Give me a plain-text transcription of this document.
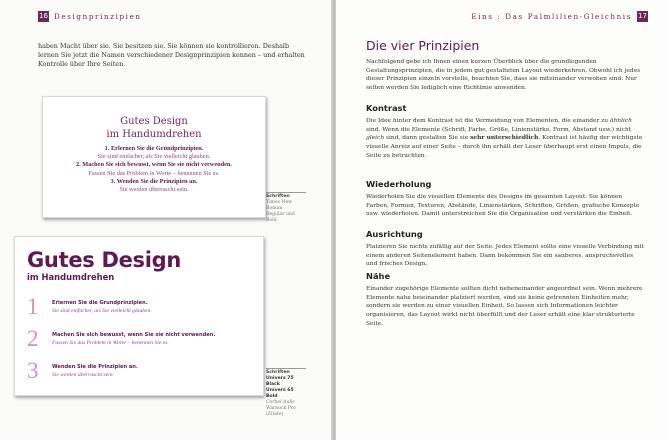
16 Designprinzipien
haben Macht über sie. Sie besitzen sie. Sie können sie kontrollieren. Deshalb lernen Sie jetzt die Namen verschiedener Designprinzipien kennen – und erhalten Kontrolle über Ihre Seiten.
Gutes Design
im Handumdrehen
1. Erlernen Sie die Grundprinzipien.
Sie sind einfacher, als Sie vielleicht glauben.
2. Machen Sie sich bewusst, wenn Sie sie nicht verwenden.
Fassen Sie das Problem in Worte – benennen Sie es.
3. Wenden Sie die Prinzipien an.
Sie werden überrascht sein.
Schriften
Times New Roman
Regular und Bold
Gutes Design
im Handumdrehen
1	Erlernen Sie die Grundprinzipien.
Sie sind einfacher, als Sie vielleicht glauben.
2	Machen Sie sich bewusst, wenn Sie sie nicht verwenden.
Fassen Sie das Problem in Worte – benennen Sie es.
3	Wenden Sie die Prinzipien an.
Sie werden überrascht sein.	Schriften
Univers 75
Black
Univers 65 Bold
Corbel Italic
Warnock Pro (Zitate)
Eins : Das Palmlilien-Gleichnis 17
Die vier Prinzipien
Nachfolgend gebe ich Ihnen einen kurzen Überblick über die grundlegenden Gestaltungsprinzipien, die in jedem gut gestalteten Layout wiederkehren. Obwohl ich jedes dieser Prinzipien einzeln vorstelle, beachten Sie, dass sie miteinander verwoben sind. Nur selten werden Sie lediglich eine Richtlinie anwenden.
Kontrast
Die Idee hinter dem Kontrast ist die Vermeidung von Elementen, die einander zu ähnlich sind. Wenn die Elemente (Schrift, Farbe, Größe, Linienstärke, Form, Abstand usw.) nicht gleich sind, dann gestalten Sie sie sehr unterschiedlich. Kontrast ist häufig der wichtigste visuelle Anreiz auf einer Seite – durch ihn erhält der Leser überhaupt erst einen Impuls, die Seite zu betrachten.
Wiederholung
Wiederholen Sie die visuellen Elemente des Designs im gesamten Layout. Sie können Farben, Formen, Texturen, Abstände, Linienstärken, Schriften, Größen, grafische Konzepte usw. wiederholen. Damit unterstreichen Sie die Organisation und verstärken die Einheit.
Ausrichtung
Platzieren Sie nichts zufällig auf der Seite. Jedes Element sollte eine visuelle Verbindung mit einem anderen Seitenelement haben. Dann bekommen Sie ein sauberes, anspruchsvolles und frisches Design.
Nähe
Einander zugehörige Elemente sollten dicht nebeneinander angeordnet sein. Wenn mehrere Elemente nahe beieinander platziert werden, sind sie keine getrennten Einheiten mehr, sondern sie werden zu einer visuellen Einheit. So lassen sich Informationen leichter organisieren, das Layout wirkt nicht überfüllt und der Leser erhält eine klar strukturierte Seite.
